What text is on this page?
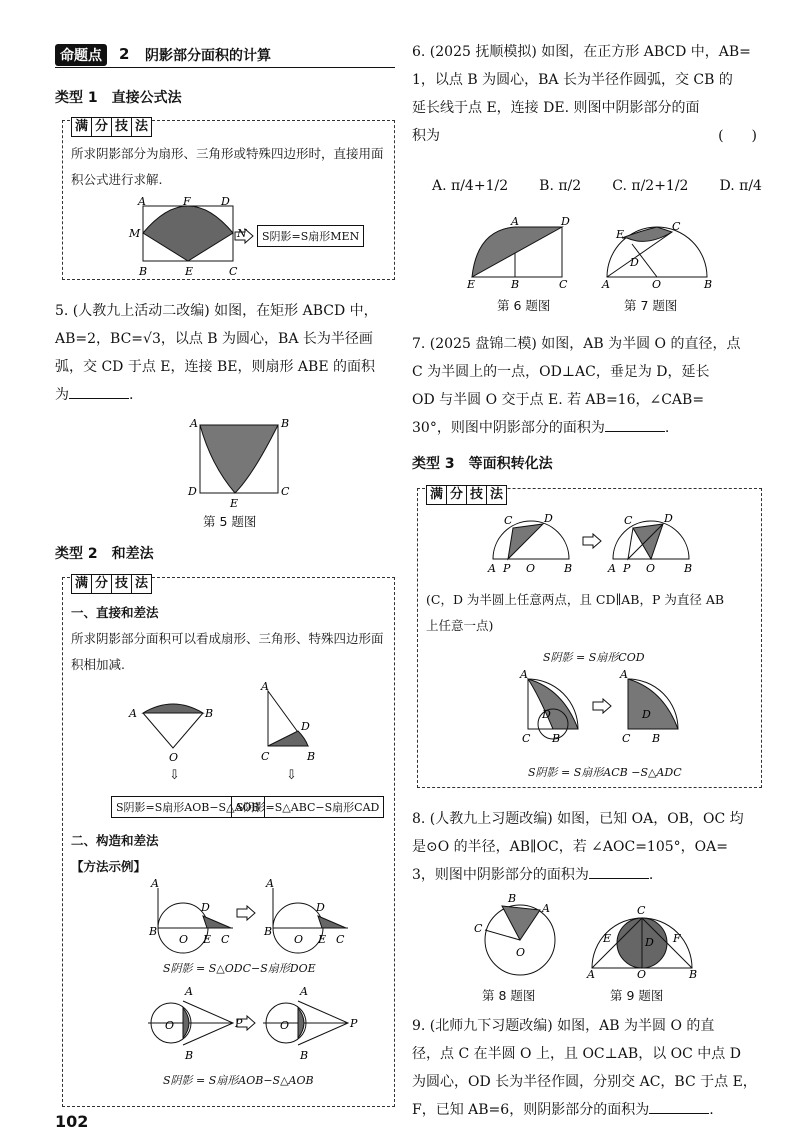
命题点	2 阴影部分面积的计算
类型 1　直接公式法
满 分 技 法
所求阴影部分为扇形、三角形或特殊四边形时，直接用面积公式进行求解.
A	F	D
M	N
B	E	C
S阴影=S扇形MEN
5. (人教九上活动二改编) 如图，在矩形 ABCD 中，
AB=2，BC=√3，以点 B 为圆心，BA 长为半径画
弧，交 CD 于点 E，连接 BE，则扇形 ABE 的面积
为	.
A	B
D
E
C
第 5 题图
类型 2　和差法
满 分 技 法
一、直接和差法
所求阴影部分面积可以看成扇形、三角形、特殊四边形面积相加减.
A	B
O
A
C	B
D
⇩	⇩
S阴影=S扇形AOB−S△AOB
S阴影=S△ABC−S扇形CAD
二、构造和差法
【方法示例】
A
D
B
O E C
A
D
B
O E C
S阴影 = S△ODC−S扇形DOE
A
O	P
B
A
O	P
B
S阴影 = S扇形AOB−S△AOB
102
6. (2025 抚顺模拟) 如图，在正方形 ABCD 中，AB=
1，以点 B 为圆心，BA 长为半径作圆弧，交 CB 的
延长线于点 E，连接 DE. 则图中阴影部分的面
积为	(　　)
A. π/4+1/2 B. π/2 C. π/2+1/2 D. π/4
A	D
E	B	C
E
C
D
A	O	B
第 6 题图	第 7 题图
7. (2025 盘锦二模) 如图，AB 为半圆 O 的直径，点
C 为半圆上的一点，OD⊥AC，垂足为 D，延长
OD 与半圆 O 交于点 E. 若 AB=16，∠CAB=
30°，则图中阴影部分的面积为	.
类型 3　等面积转化法
满 分 技 法
C	D
A P O	B
C	D
A P O	B
(C，D 为半圆上任意两点，且 CD∥AB，P 为直径 AB
上任意一点)
S阴影 = S扇形COD
A
C B
D
A
C B
D
S阴影 = S扇形ACB −S△ADC
8. (人教九上习题改编) 如图，已知 OA，OB，OC 均
是⊙O 的半径，AB∥OC，若 ∠AOC=105°，OA=
3，则图中阴影部分的面积为	.
B
A
C
O
C
E	F
D
A	O	B
第 8 题图	第 9 题图
9. (北师九下习题改编) 如图，AB 为半圆 O 的直
径，点 C 在半圆 O 上，且 OC⊥AB，以 OC 中点 D
为圆心，OD 长为半径作圆，分别交 AC，BC 于点 E，
F，已知 AB=6，则阴影部分的面积为	.
